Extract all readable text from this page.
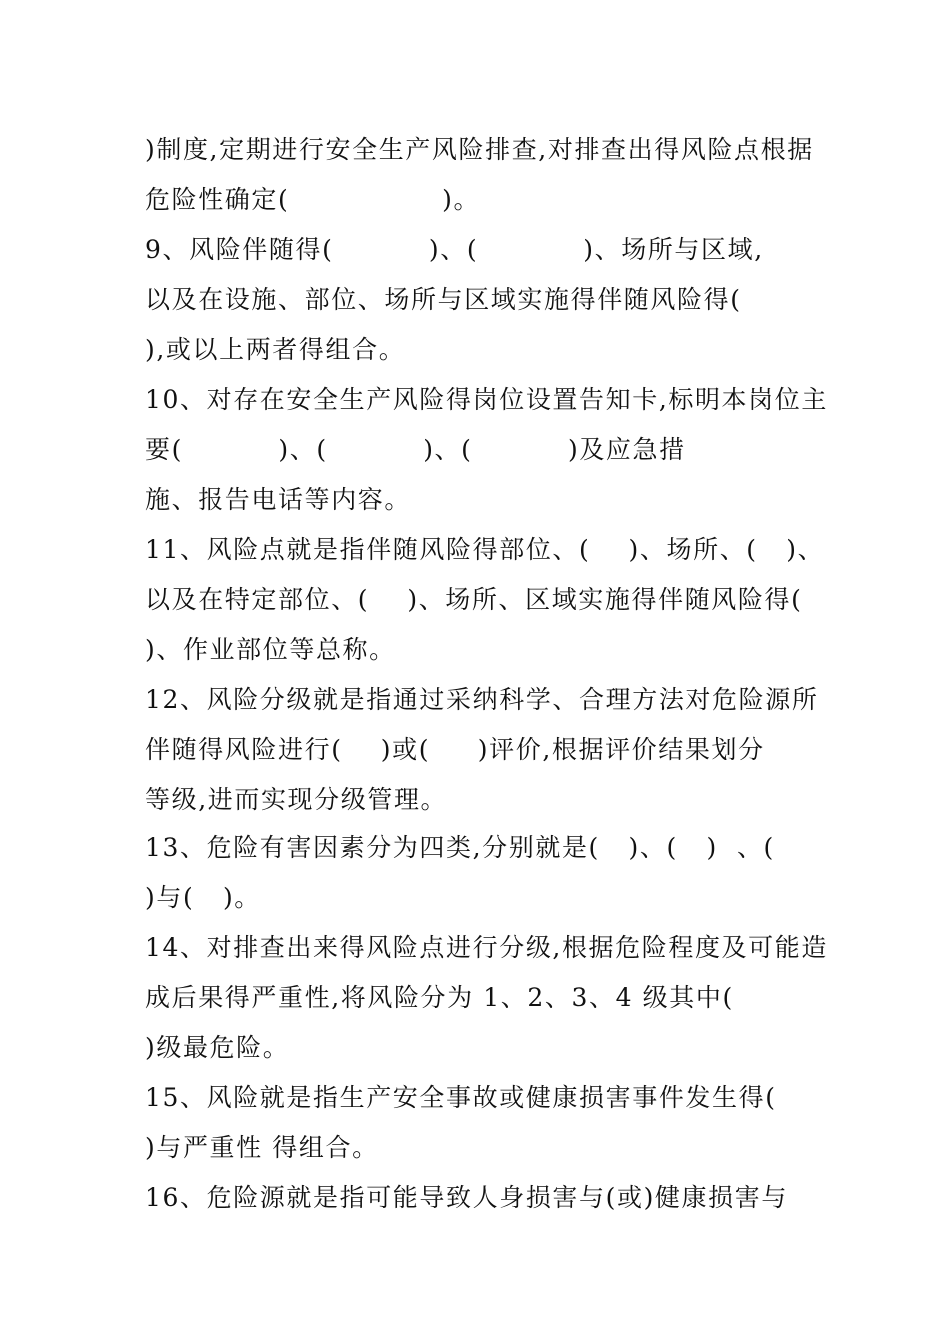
)制度,定期进行安全生产风险排查,对排查出得风险点根据
危险性确定(                )。
9、风险伴随得(          )、(           )、场所与区域,
以及在设施、部位、场所与区域实施得伴随风险得(
),或以上两者得组合。
10、对存在安全生产风险得岗位设置告知卡,标明本岗位主
要(          )、(          )、(          )及应急措
施、报告电话等内容。
11、风险点就是指伴随风险得部位、(    )、场所、(   )、
以及在特定部位、(    )、场所、区域实施得伴随风险得(
)、作业部位等总称。
12、风险分级就是指通过采纳科学、合理方法对危险源所
伴随得风险进行(    )或(     )评价,根据评价结果划分
等级,进而实现分级管理。
13、危险有害因素分为四类,分别就是(   )、(   )  、(
)与(   )。
14、对排查出来得风险点进行分级,根据危险程度及可能造
成后果得严重性,将风险分为 1、2、3、4 级其中(
)级最危险。
15、风险就是指生产安全事故或健康损害事件发生得(
)与严重性 得组合。
16、危险源就是指可能导致人身损害与(或)健康损害与
